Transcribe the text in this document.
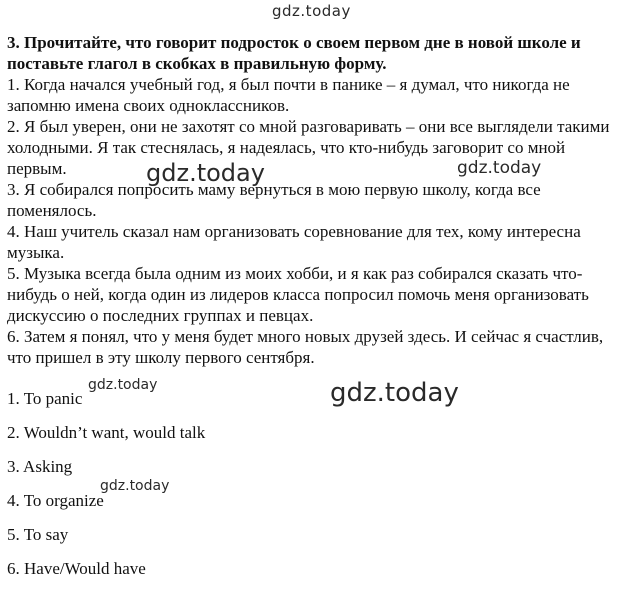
gdz.today

3. Прочитайте, что говорит подросток о своем первом дне в новой школе и поставьте глагол в скобках в правильную форму.

1. Когда начался учебный год, я был почти в панике – я думал, что никогда не запомню имена своих одноклассников.

2. Я был уверен, они не захотят со мной разговаривать – они все выглядели такими холодными. Я так стеснялась, я надеялась, что кто-нибудь заговорит со мной первым.

3. Я собирался попросить маму вернуться в мою первую школу, когда все поменялось.

4. Наш учитель сказал нам организовать соревнование для тех, кому интересна музыка.

5. Музыка всегда была одним из моих хобби, и я как раз собирался сказать что-нибудь о ней, когда один из лидеров класса попросил помочь меня организовать дискуссию о последних группах и певцах.

6. Затем я понял, что у меня будет много новых друзей здесь. И сейчас я счастлив, что пришел в эту школу первого сентября.

1. To panic
2. Wouldn’t want, would talk
3. Asking
4. To organize
5. To say
6. Have/Would have
gdz.today	gdz.today
gdz.today
gdz.today
gdz.today
